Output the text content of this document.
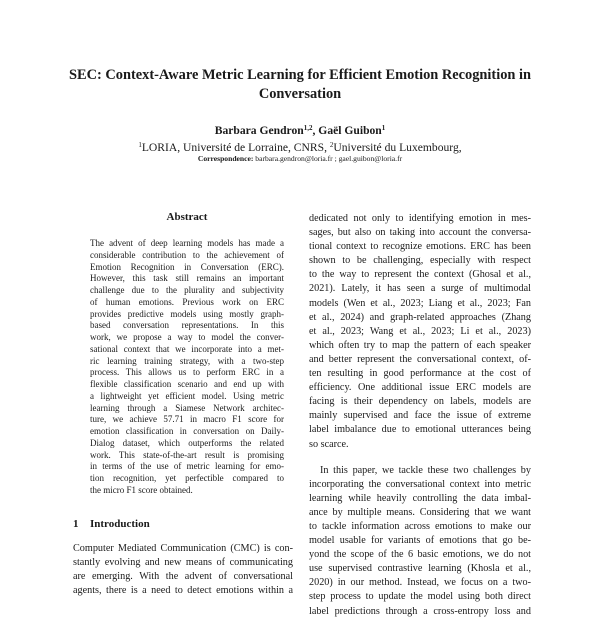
SEC: Context-Aware Metric Learning for Efficient Emotion Recognition in
Conversation
Barbara Gendron$^{1,2}$, Gaël Guibon$^1$
$^1$LORIA, Université de Lorraine, CNRS, $^2$Université du Luxembourg,
Correspondence: barbara.gendron@loria.fr ; gael.guibon@loria.fr
Abstract
The advent of deep learning models has made a
considerable contribution to the achievement of
Emotion Recognition in Conversation (ERC).
However, this task still remains an important
challenge due to the plurality and subjectivity
of human emotions. Previous work on ERC
provides predictive models using mostly graph-
based conversation representations. In this
work, we propose a way to model the conver-
sational context that we incorporate into a met-
ric learning training strategy, with a two-step
process. This allows us to perform ERC in a
flexible classification scenario and end up with
a lightweight yet efficient model. Using metric
learning through a Siamese Network architec-
ture, we achieve 57.71 in macro F1 score for
emotion classification in conversation on Daily-
Dialog dataset, which outperforms the related
work. This state-of-the-art result is promising
in terms of the use of metric learning for emo-
tion recognition, yet perfectible compared to
the micro F1 score obtained.
1 Introduction
Computer Mediated Communication (CMC) is con-
stantly evolving and new means of communicating
are emerging. With the advent of conversational
agents, there is a need to detect emotions within a
dedicated not only to identifying emotion in mes-
sages, but also on taking into account the conversa-
tional context to recognize emotions. ERC has been
shown to be challenging, especially with respect
to the way to represent the context (Ghosal et al.,
2021). Lately, it has seen a surge of multimodal
models (Wen et al., 2023; Liang et al., 2023; Fan
et al., 2024) and graph-related approaches (Zhang
et al., 2023; Wang et al., 2023; Li et al., 2023)
which often try to map the pattern of each speaker
and better represent the conversational context, of-
ten resulting in good performance at the cost of
efficiency. One additional issue ERC models are
facing is their dependency on labels, models are
mainly supervised and face the issue of extreme
label imbalance due to emotional utterances being
so scarce.
In this paper, we tackle these two challenges by
incorporating the conversational context into metric
learning while heavily controlling the data imbal-
ance by multiple means. Considering that we want
to tackle information across emotions to make our
model usable for variants of emotions that go be-
yond the scope of the 6 basic emotions, we do not
use supervised contrastive learning (Khosla et al.,
2020) in our method. Instead, we focus on a two-
step process to update the model using both direct
label predictions through a cross-entropy loss and
